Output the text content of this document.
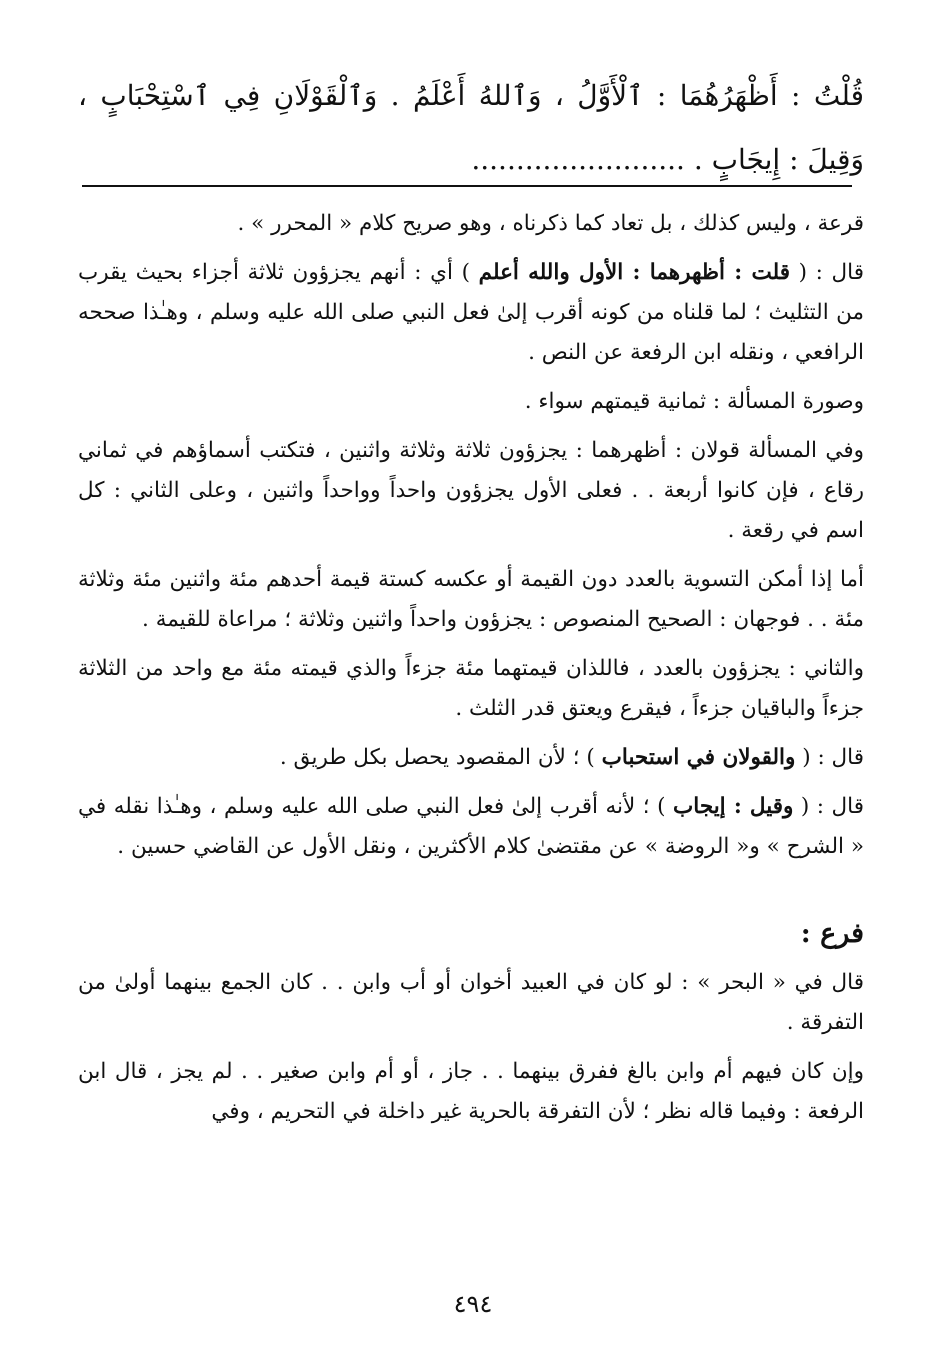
قُلْتُ : أَظْهَرُهُمَا : ٱلْأَوَّلُ ، وَٱللهُ أَعْلَمُ . وَٱلْقَوْلَانِ فِي ٱسْتِحْبَابٍ ، وَقِيلَ : إِيجَابٍ . ........................

قرعة ، وليس كذلك ، بل تعاد كما ذكرناه ، وهو صريح كلام « المحرر » .

قال : ( قلت : أظهرهما : الأول والله أعلم ) أي : أنهم يجزؤون ثلاثة أجزاء بحيث يقرب من التثليث ؛ لما قلناه من كونه أقرب إلىٰ فعل النبي صلى الله عليه وسلم ، وهـٰذا صححه الرافعي ، ونقله ابن الرفعة عن النص .

وصورة المسألة : ثمانية قيمتهم سواء .

وفي المسألة قولان : أظهرهما : يجزؤون ثلاثة وثلاثة واثنين ، فتكتب أسماؤهم في ثماني رقاع ، فإن كانوا أربعة . . فعلى الأول يجزؤون واحداً وواحداً واثنين ، وعلى الثاني : كل اسم في رقعة .

أما إذا أمكن التسوية بالعدد دون القيمة أو عكسه كستة قيمة أحدهم مئة واثنين مئة وثلاثة مئة . . فوجهان : الصحيح المنصوص : يجزؤون واحداً واثنين وثلاثة ؛ مراعاة للقيمة .

والثاني : يجزؤون بالعدد ، فاللذان قيمتهما مئة جزءاً والذي قيمته مئة مع واحد من الثلاثة جزءاً والباقيان جزءاً ، فيقرع ويعتق قدر الثلث .

قال : ( والقولان في استحباب ) ؛ لأن المقصود يحصل بكل طريق .

قال : ( وقيل : إيجاب ) ؛ لأنه أقرب إلىٰ فعل النبي صلى الله عليه وسلم ، وهـٰذا نقله في « الشرح » و« الروضة » عن مقتضىٰ كلام الأكثرين ، ونقل الأول عن القاضي حسين .

فرع :

قال في « البحر » : لو كان في العبيد أخوان أو أب وابن . . كان الجمع بينهما أولىٰ من التفرقة .

وإن كان فيهم أم وابن بالغ ففرق بينهما . . جاز ، أو أم وابن صغير . . لم يجز ، قال ابن الرفعة : وفيما قاله نظر ؛ لأن التفرقة بالحرية غير داخلة في التحريم ، وفي

٤٩٤
